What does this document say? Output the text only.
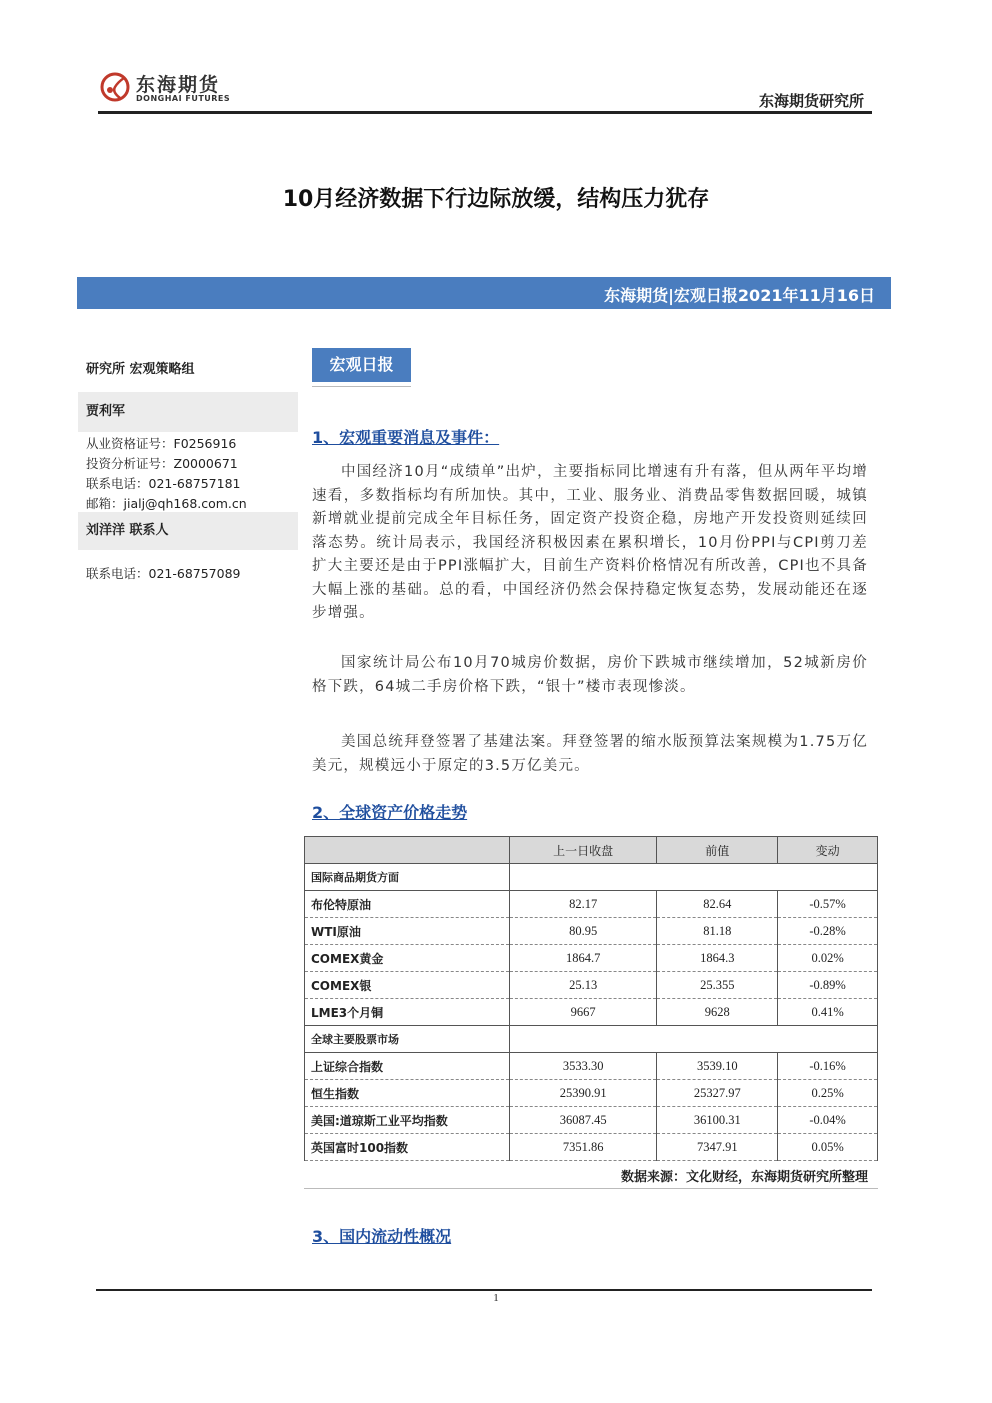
东海期货
DONGHAI FUTURES	东海期货研究所
10月经济数据下行边际放缓，结构压力犹存
东海期货|宏观日报2021年11月16日
研究所 宏观策略组
贾利军
从业资格证号：F0256916
投资分析证号：Z0000671
联系电话：021-68757181
邮箱：jialj@qh168.com.cn
刘洋洋 联系人
联系电话：021-68757089
宏观日报
1、宏观重要消息及事件：

中国经济10月“成绩单”出炉，主要指标同比增速有升有落，但从两年平均增速看，多数指标均有所加快。其中，工业、服务业、消费品零售数据回暖，城镇新增就业提前完成全年目标任务，固定资产投资企稳，房地产开发投资则延续回落态势。统计局表示，我国经济积极因素在累积增长，10月份PPI与CPI剪刀差扩大主要还是由于PPI涨幅扩大，目前生产资料价格情况有所改善，CPI也不具备大幅上涨的基础。总的看，中国经济仍然会保持稳定恢复态势，发展动能还在逐步增强。

国家统计局公布10月70城房价数据，房价下跌城市继续增加，52城新房价格下跌，64城二手房价格下跌，“银十”楼市表现惨淡。

美国总统拜登签署了基建法案。拜登签署的缩水版预算法案规模为1.75万亿美元，规模远小于原定的3.5万亿美元。

2、全球资产价格走势
	上一日收盘	前值	变动
国际商品期货方面			
布伦特原油	82.17	82.64	-0.57%
WTI原油	80.95	81.18	-0.28%
COMEX黄金	1864.7	1864.3	0.02%
COMEX银	25.13	25.355	-0.89%
LME3个月铜	9667	9628	0.41%
全球主要股票市场			
上证综合指数	3533.30	3539.10	-0.16%
恒生指数	25390.91	25327.97	0.25%
美国:道琼斯工业平均指数	36087.45	36100.31	-0.04%
英国富时100指数	7351.86	7347.91	0.05%
数据来源：文化财经，东海期货研究所整理
3、国内流动性概况
1
